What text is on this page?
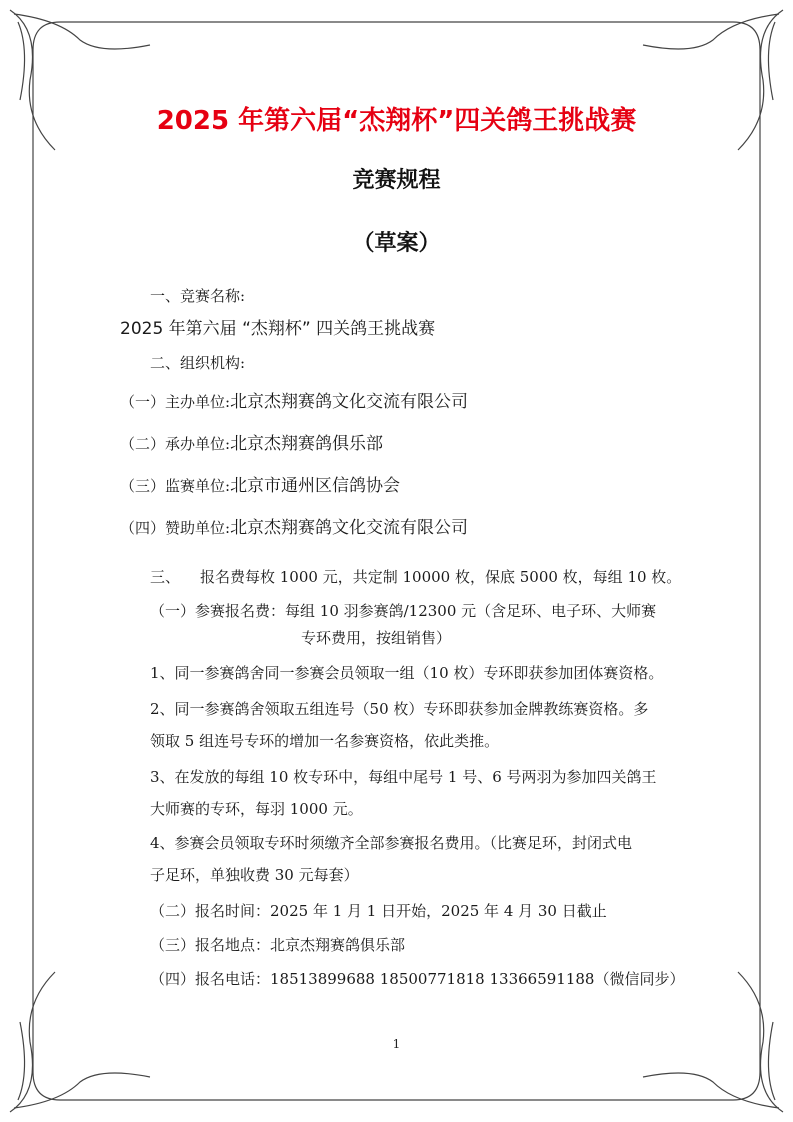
2025 年第六届“杰翔杯”四关鸽王挑战赛
竞赛规程
（草案）
一、竞赛名称:
2025 年第六届 “杰翔杯” 四关鸽王挑战赛
二、组织机构:
（一）主办单位:北京杰翔赛鸽文化交流有限公司
（二）承办单位:北京杰翔赛鸽俱乐部
（三）监赛单位:北京市通州区信鸽协会
（四）赞助单位:北京杰翔赛鸽文化交流有限公司
三、 报名费每枚 1000 元，共定制 10000 枚，保底 5000 枚，每组 10 枚。
（一）参赛报名费：每组 10 羽参赛鸽/12300 元（含足环、电子环、大师赛
专环费用，按组销售）
1、同一参赛鸽舍同一参赛会员领取一组（10 枚）专环即获参加团体赛资格。
2、同一参赛鸽舍领取五组连号（50 枚）专环即获参加金牌教练赛资格。多
领取 5 组连号专环的增加一名参赛资格，依此类推。
3、在发放的每组 10 枚专环中，每组中尾号 1 号、6 号两羽为参加四关鸽王
大师赛的专环，每羽 1000 元。
4、参赛会员领取专环时须缴齐全部参赛报名费用。（比赛足环，封闭式电
子足环，单独收费 30 元每套）
（二）报名时间：2025 年 1 月 1 日开始，2025 年 4 月 30 日截止
（三）报名地点：北京杰翔赛鸽俱乐部
（四）报名电话：18513899688 18500771818 13366591188（微信同步）
1
